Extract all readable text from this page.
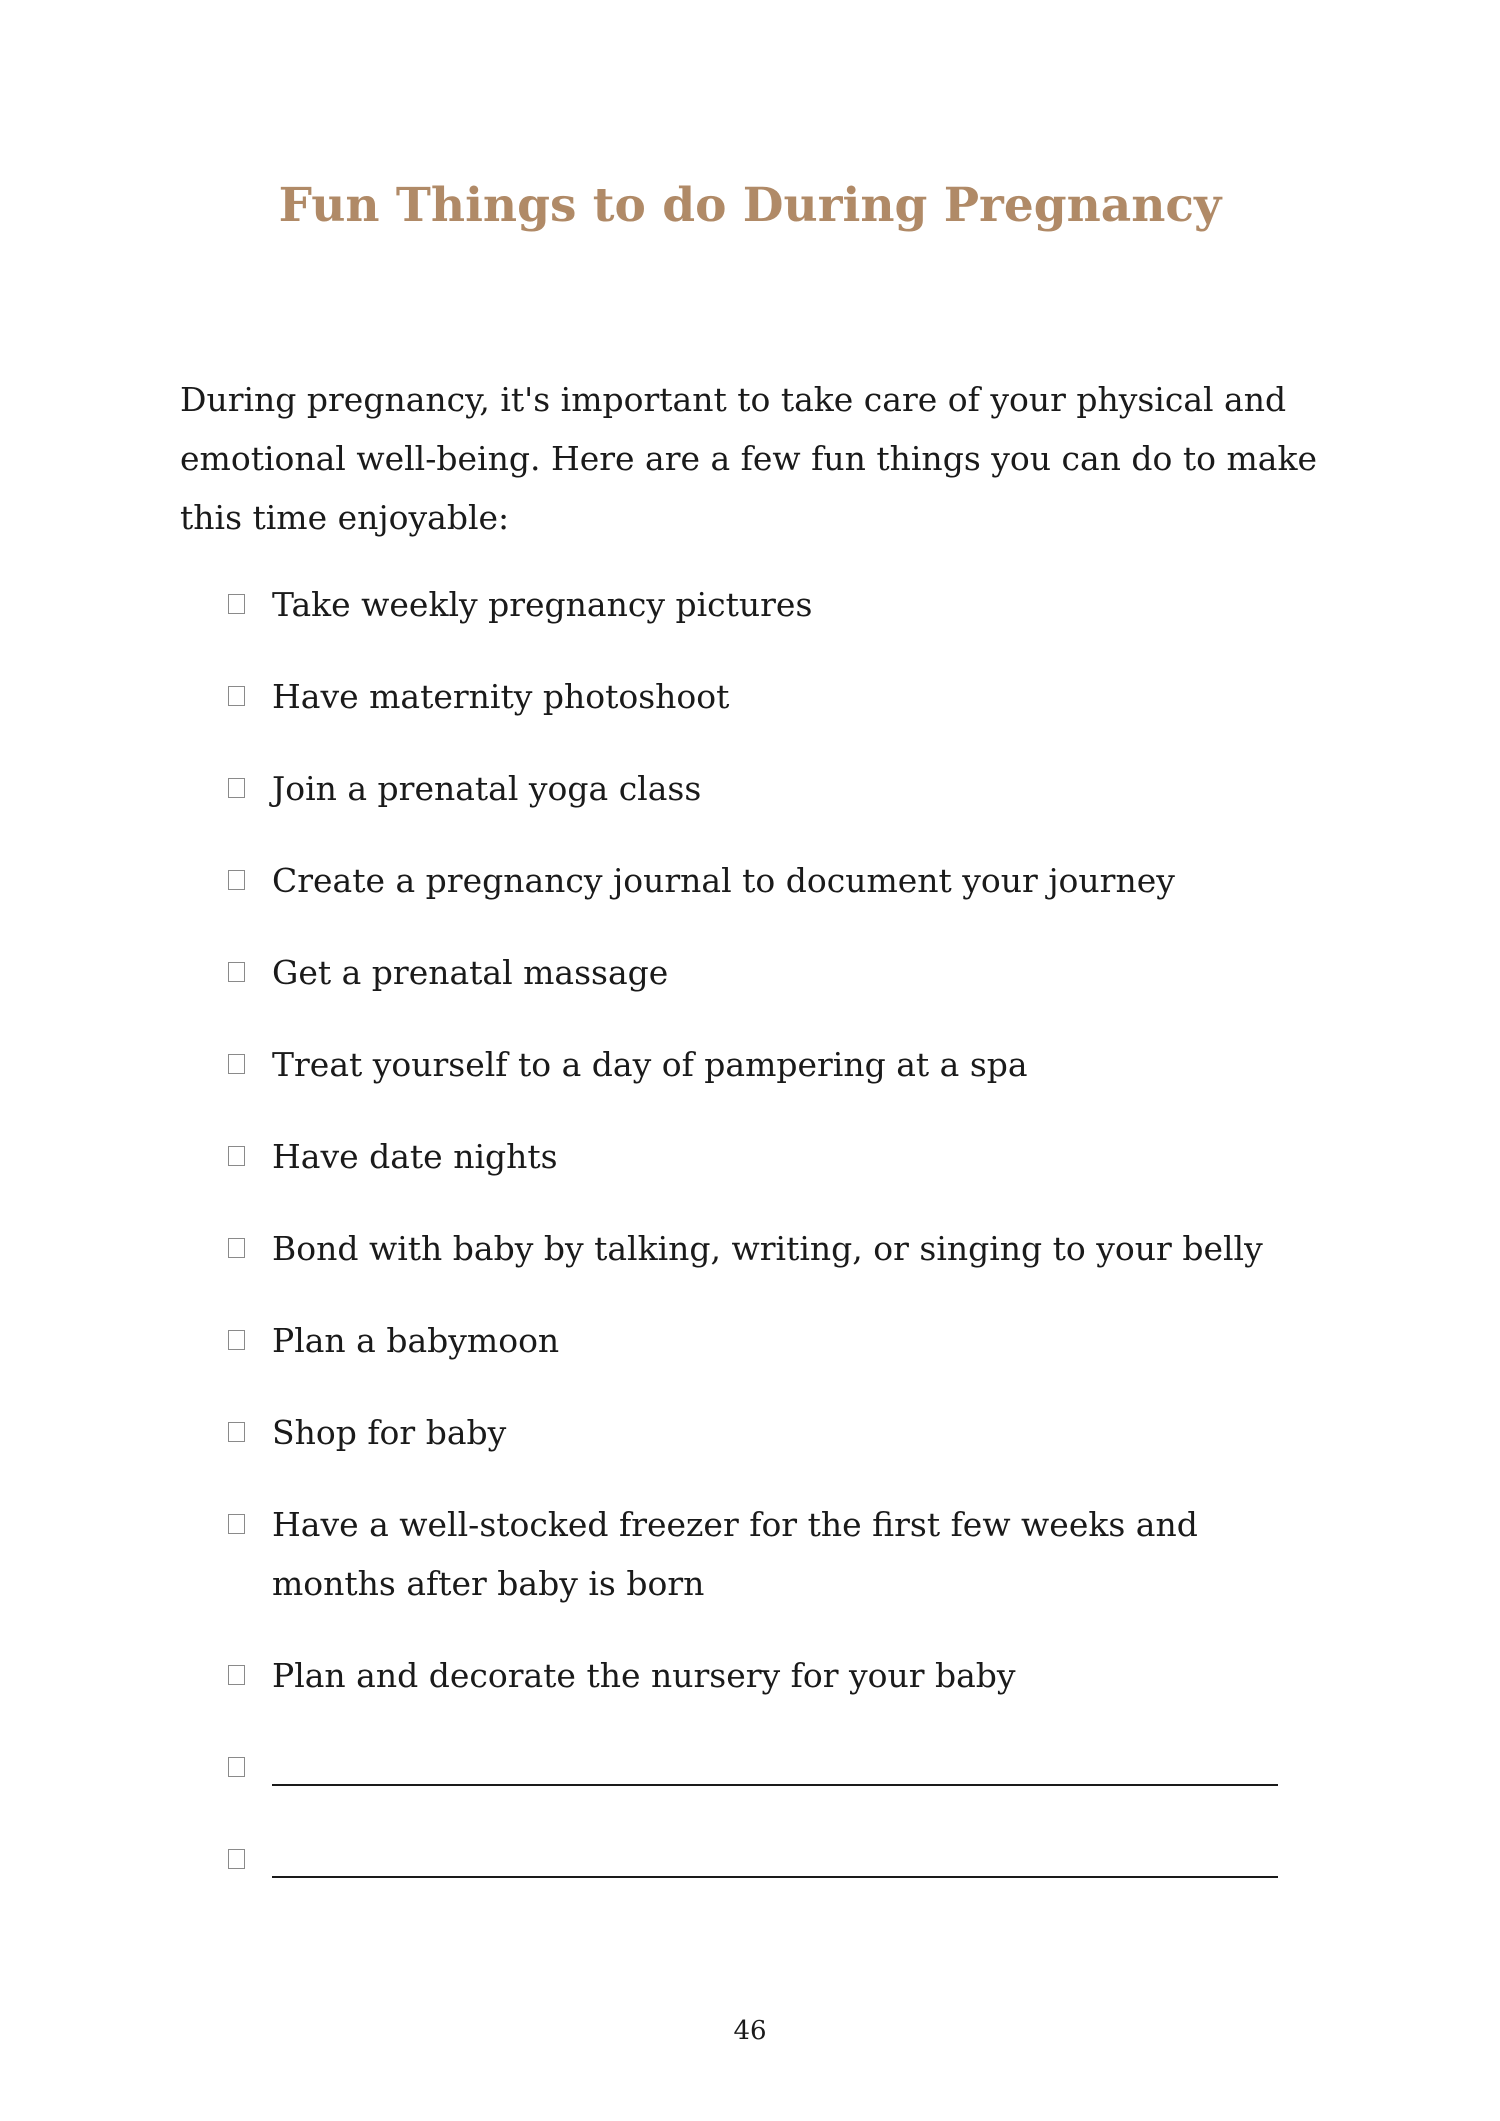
Fun Things to do During Pregnancy

During pregnancy, it's important to take care of your physical and emotional well-being. Here are a few fun things you can do to make this time enjoyable:

Take weekly pregnancy pictures
Have maternity photoshoot
Join a prenatal yoga class
Create a pregnancy journal to document your journey
Get a prenatal massage
Treat yourself to a day of pampering at a spa
Have date nights
Bond with baby by talking, writing, or singing to your belly
Plan a babymoon
Shop for baby
Have a well-stocked freezer for the first few weeks and months after baby is born
Plan and decorate the nursery for your baby
46
